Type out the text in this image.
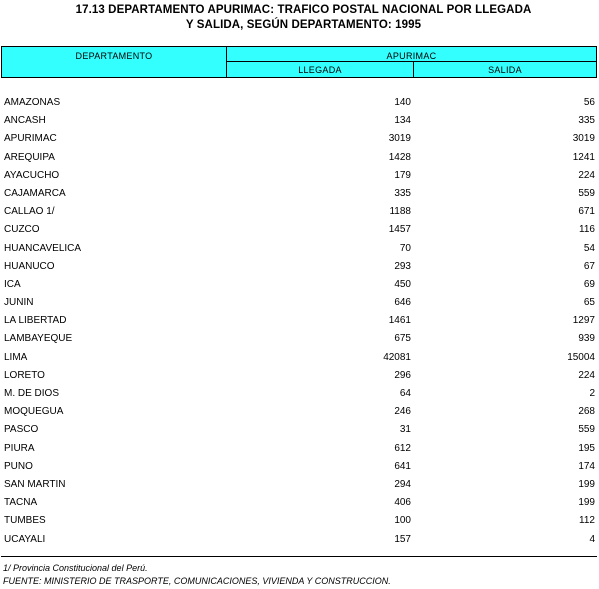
17.13 DEPARTAMENTO APURIMAC: TRAFICO POSTAL NACIONAL POR LLEGADA
Y SALIDA, SEGÚN DEPARTAMENTO: 1995
DEPARTAMENTO	APURIMAC
LLEGADA	SALIDA
AMAZONAS	140	56
ANCASH	134	335
APURIMAC	3019	3019
AREQUIPA	1428	1241
AYACUCHO	179	224
CAJAMARCA	335	559
CALLAO 1/	1188	671
CUZCO	1457	116
HUANCAVELICA	70	54
HUANUCO	293	67
ICA	450	69
JUNIN	646	65
LA LIBERTAD	1461	1297
LAMBAYEQUE	675	939
LIMA	42081	15004
LORETO	296	224
M. DE DIOS	64	2
MOQUEGUA	246	268
PASCO	31	559
PIURA	612	195
PUNO	641	174
SAN MARTIN	294	199
TACNA	406	199
TUMBES	100	112
UCAYALI	157	4
1/ Provincia Constitucional del Perú.
FUENTE: MINISTERIO DE TRASPORTE, COMUNICACIONES, VIVIENDA Y CONSTRUCCION.
